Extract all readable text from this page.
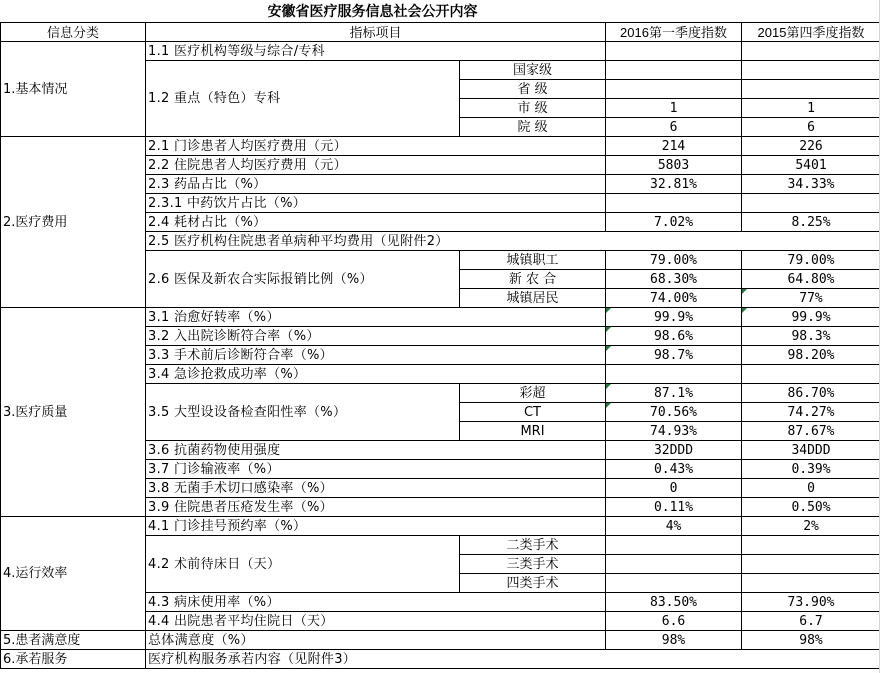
安徽省医疗服务信息社会公开内容
信息分类	指标项目		2016第一季度指数	2015第四季度指数
1.基本情况	1.1 医疗机构等级与综合/专科			
	1.2 重点（特色）专科	国家级		
		省 级		
		市 级	1	1
		院 级	6	6
2.医疗费用	2.1 门诊患者人均医疗费用（元）		214	226
	2.2 住院患者人均医疗费用（元）		5803	5401
	2.3 药品占比（%）		32.81%	34.33%
	2.3.1 中药饮片占比（%）			
	2.4 耗材占比（%）		7.02%	8.25%
	2.5 医疗机构住院患者单病种平均费用（见附件2）			
	2.6 医保及新农合实际报销比例（%）	城镇职工	79.00%	79.00%
		新 农 合	68.30%	64.80%
		城镇居民	74.00%	77%
3.医疗质量	3.1 治愈好转率（%）		99.9%	99.9%
	3.2 入出院诊断符合率（%）		98.6%	98.3%
	3.3 手术前后诊断符合率（%）		98.7%	98.20%
	3.4 急诊抢救成功率（%）			
	3.5 大型设设备检查阳性率（%）	彩超	87.1%	86.70%
		CT	70.56%	74.27%
		MRI	74.93%	87.67%
	3.6 抗菌药物使用强度		32DDD	34DDD
	3.7 门诊输液率（%）		0.43%	0.39%
	3.8 无菌手术切口感染率（%）		0	0
	3.9 住院患者压疮发生率（%）		0.11%	0.50%
4.运行效率	4.1 门诊挂号预约率（%）		4%	2%
	4.2 术前待床日（天）	二类手术		
		三类手术		
		四类手术		
	4.3 病床使用率（%）		83.50%	73.90%
	4.4 出院患者平均住院日（天）		6.6	6.7
5.患者满意度	总体满意度（%）		98%	98%
6.承若服务	医疗机构服务承若内容（见附件3）			
